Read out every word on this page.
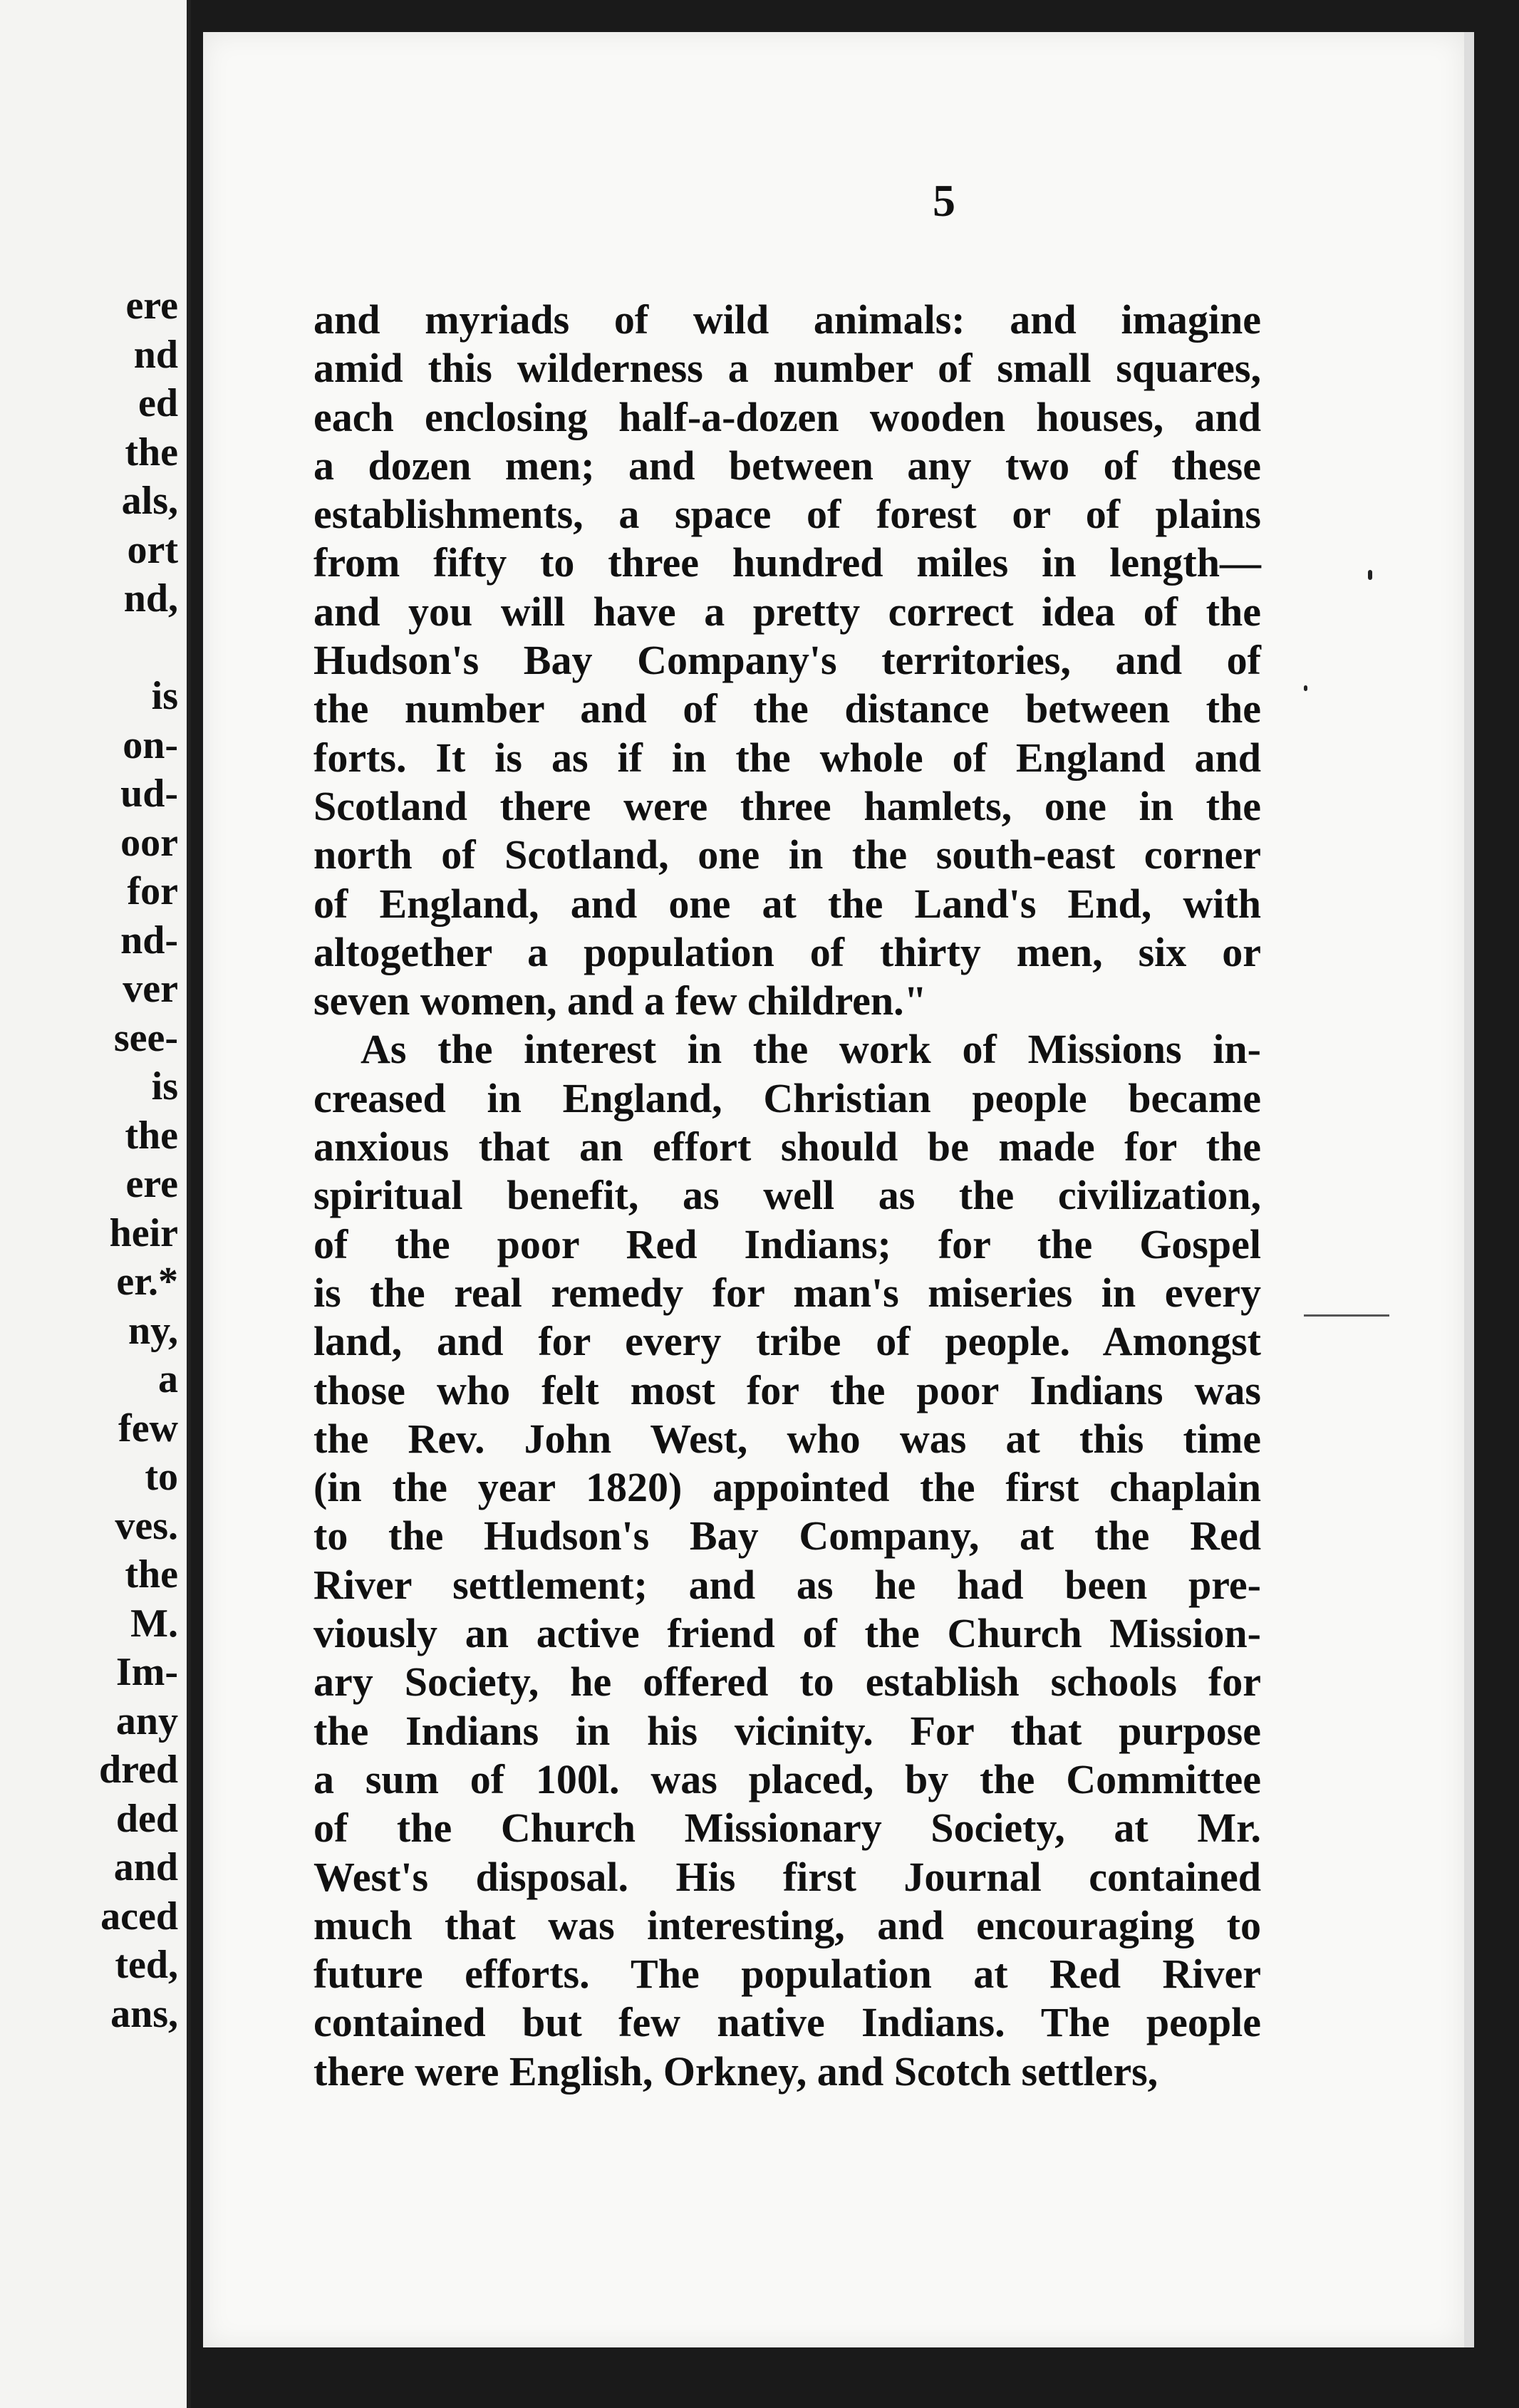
ere
nd
ed
the
als,
ort
nd,

is
on-
ud-
oor
for
nd-
ver
see-
is
the
ere
heir
er.*
ny,
a
few
to
ves.
the
M.
Im-
any
dred
ded
and
aced
ted,
ans,
5
and myriads of wild animals: and imagine
amid this wilderness a number of small squares,
each enclosing half-a-dozen wooden houses, and
a dozen men; and between any two of these
establishments, a space of forest or of plains
from fifty to three hundred miles in length—
and you will have a pretty correct idea of the
Hudson's Bay Company's territories, and of
the number and of the distance between the
forts. It is as if in the whole of England and
Scotland there were three hamlets, one in the
north of Scotland, one in the south-east corner
of England, and one at the Land's End, with
altogether a population of thirty men, six or
seven women, and a few children."
As the interest in the work of Missions in-
creased in England, Christian people became
anxious that an effort should be made for the
spiritual benefit, as well as the civilization,
of the poor Red Indians; for the Gospel
is the real remedy for man's miseries in every
land, and for every tribe of people. Amongst
those who felt most for the poor Indians was
the Rev. John West, who was at this time
(in the year 1820) appointed the first chaplain
to the Hudson's Bay Company, at the Red
River settlement; and as he had been pre-
viously an active friend of the Church Mission-
ary Society, he offered to establish schools for
the Indians in his vicinity. For that purpose
a sum of 100l. was placed, by the Committee
of the Church Missionary Society, at Mr.
West's disposal. His first Journal contained
much that was interesting, and encouraging to
future efforts. The population at Red River
contained but few native Indians. The people
there were English, Orkney, and Scotch settlers,
